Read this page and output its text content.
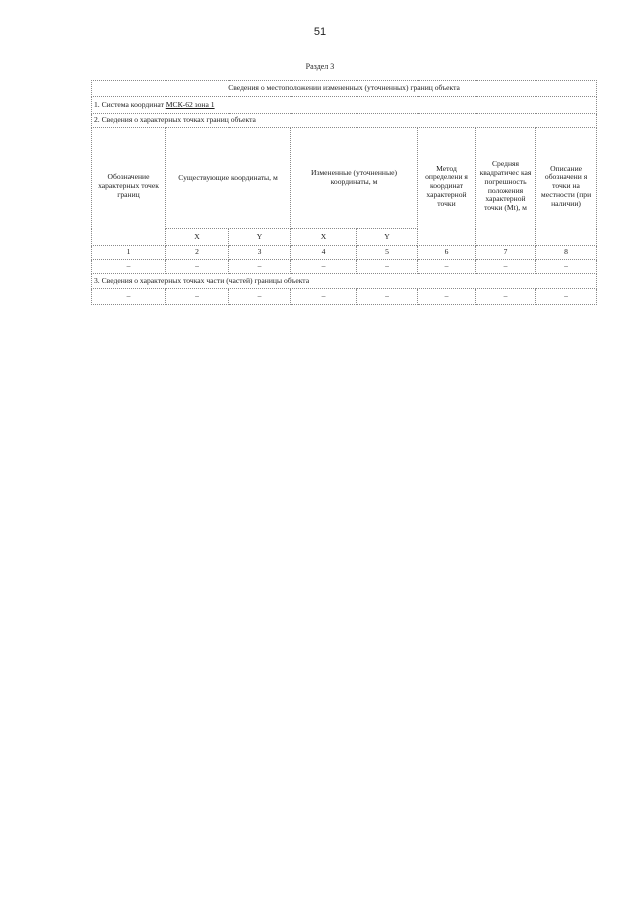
51
Раздел 3
Сведения о местоположении измененных (уточненных) границ объекта							
1. Система координат МСК-62 зона 1							
2. Сведения о характерных точках границ объекта							
Обозначение характерных точек границ	Существующие координаты, м		Измененные (уточненные) координаты, м		Метод определени я координат характерной точки	Средняя квадратичес кая погрешность положения характерной точки (Mt), м	Описание обозначени я точки на местности (при наличии)
	X	Y	X	Y			
1	2	3	4	5	6	7	8
–	–	–	–	–	–	–	–
3. Сведения о характерных точках части (частей) границы объекта							
–	–	–	–	–	–	–	–
